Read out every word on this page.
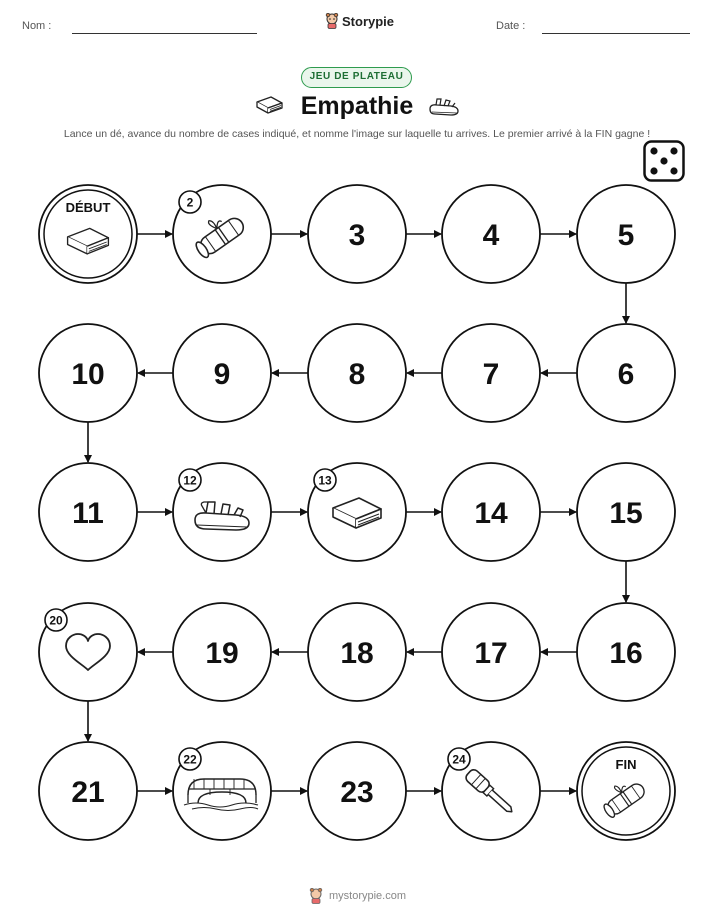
Nom :	Storypie	Date :
JEU DE PLATEAU
Empathie
Lance un dé, avance du nombre de cases indiqué, et nomme l'image sur laquelle tu arrives. Le premier arrivé à la FIN gagne !
DÉBUT	2
3	4	5
6
7
8
9
10
11
12	13
14	15
16
17
18
19
20
21
22
23
24	FIN
mystorypie.com
